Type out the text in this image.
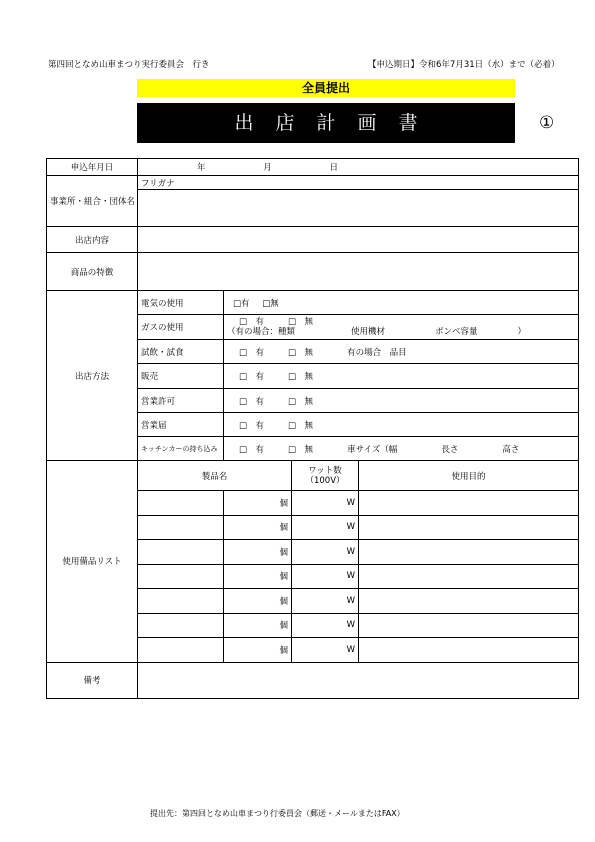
第四回となめ山車まつり実行委員会　行き	【申込期日】令和6年7月31日（水）まで（必着）
全員提出
出店計画書	①
申込年月日	年 月 日			
事業所・組合・団体名	フリガナ			

出店内容				
商品の特徴				
出店方法	電気の使用	□有 □無		
	ガスの使用	□　有 □　無
（有の場合：種類 使用機材 ボンベ容量 ）		

	試飲・試食	□　有 □　無 有の場合　品目		
	販売	□　有 □　無		
	営業許可	□　有 □　無		
	営業届	□　有 □　無		
	キッチンカーの持ち込み	□　有 □　無 車サイズ（幅 長さ 高さ		
使用備品リスト	製品名		ワット数
（100V）	使用目的
		個	W	
		個	W	
		個	W	
		個	W	
		個	W	
		個	W	
		個	W	
備考				
提出先：第四回となめ山車まつり行委員会（郵送・メールまたはFAX）
